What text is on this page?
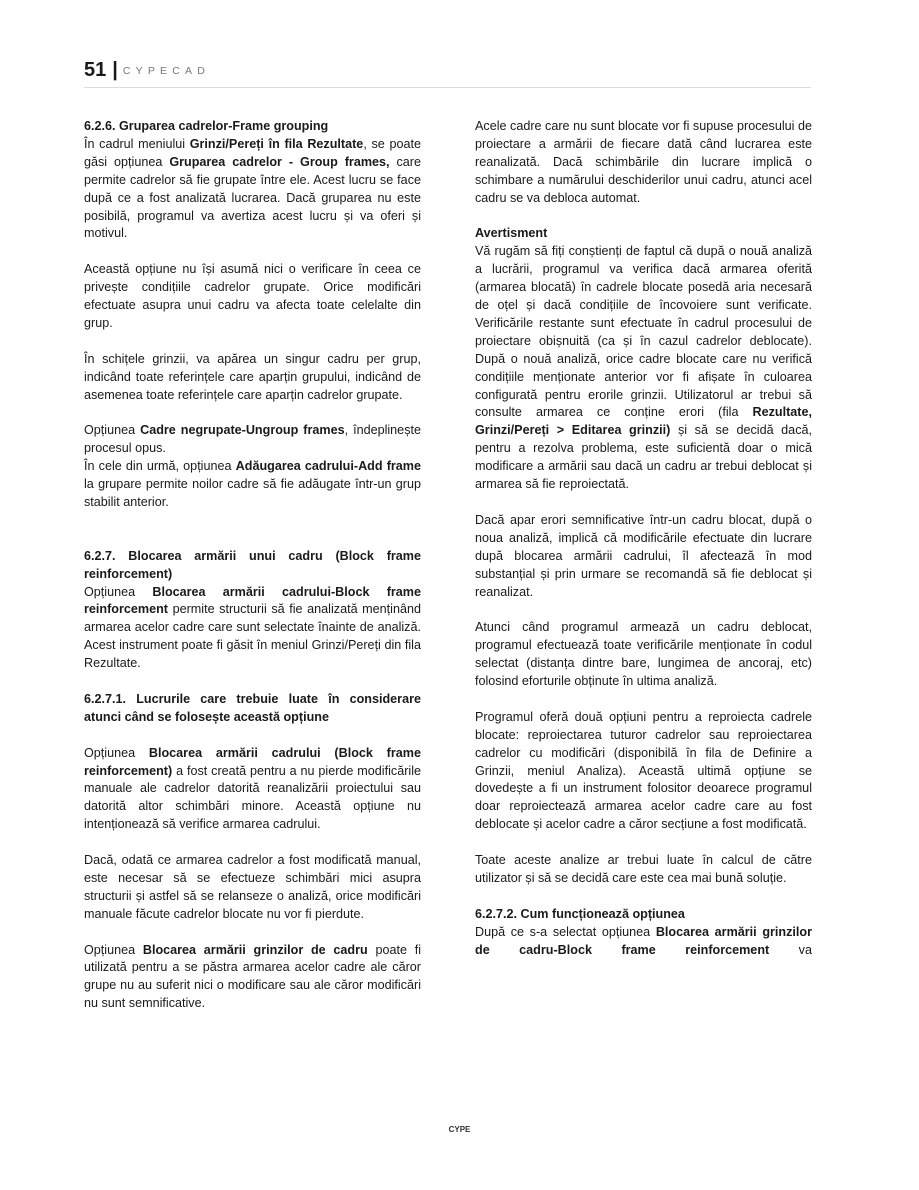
51 | CYPECAD

6.2.6. Gruparea cadrelor-Frame grouping

În cadrul meniului Grinzi/Pereți în fila Rezultate, se poate găsi opțiunea Gruparea cadrelor - Group frames, care permite cadrelor să fie grupate între ele. Acest lucru se face după ce a fost analizată lucrarea. Dacă gruparea nu este posibilă, programul va avertiza acest lucru și va oferi și motivul.

Această opțiune nu își asumă nici o verificare în ceea ce privește condițiile cadrelor grupate. Orice modificări efectuate asupra unui cadru va afecta toate celelalte din grup.

În schițele grinzii, va apărea un singur cadru per grup, indicând toate referințele care aparțin grupului, indicând de asemenea toate referințele care aparțin cadrelor grupate.

Opțiunea Cadre negrupate-Ungroup frames, îndeplinește procesul opus.

În cele din urmă, opțiunea Adăugarea cadrului-Add frame la grupare permite noilor cadre să fie adăugate într-un grup stabilit anterior.

6.2.7. Blocarea armării unui cadru (Block frame reinforcement)

Opțiunea Blocarea armării cadrului-Block frame reinforcement permite structurii să fie analizată menținând armarea acelor cadre care sunt selectate înainte de analiză. Acest instrument poate fi găsit în meniul Grinzi/Pereți din fila Rezultate.

6.2.7.1. Lucrurile care trebuie luate în considerare atunci când se folosește această opțiune

Opțiunea Blocarea armării cadrului (Block frame reinforcement) a fost creată pentru a nu pierde modificările manuale ale cadrelor datorită reanalizării proiectului sau datorită altor schimbări minore. Această opțiune nu intenționează să verifice armarea cadrului.

Dacă, odată ce armarea cadrelor a fost modificată manual, este necesar să se efectueze schimbări mici asupra structurii și astfel să se relanseze o analiză, orice modificări manuale făcute cadrelor blocate nu vor fi pierdute.

Opțiunea Blocarea armării grinzilor de cadru poate fi utilizată pentru a se păstra armarea acelor cadre ale căror grupe nu au suferit nici o modificare sau ale căror modificări nu sunt semnificative.

Acele cadre care nu sunt blocate vor fi supuse procesului de proiectare a armării de fiecare dată când lucrarea este reanalizată. Dacă schimbările din lucrare implică o schimbare a numărului deschiderilor unui cadru, atunci acel cadru se va debloca automat.

Avertisment

Vă rugăm să fiți conștienți de faptul că după o nouă analiză a lucrării, programul va verifica dacă armarea oferită (armarea blocată) în cadrele blocate posedă aria necesară de oțel și dacă condițiile de încovoiere sunt verificate. Verificările restante sunt efectuate în cadrul procesului de proiectare obișnuită (ca și în cazul cadrelor deblocate). După o nouă analiză, orice cadre blocate care nu verifică condițiile menționate anterior vor fi afișate în culoarea configurată pentru erorile grinzii. Utilizatorul ar trebui să consulte armarea ce conține erori (fila Rezultate, Grinzi/Pereți > Editarea grinzii) și să se decidă dacă, pentru a rezolva problema, este suficientă doar o mică modificare a armării sau dacă un cadru ar trebui deblocat și armarea să fie reproiectată.

Dacă apar erori semnificative într-un cadru blocat, după o noua analiză, implică că modificările efectuate din lucrare după blocarea armării cadrului, îl afectează în mod substanțial și prin urmare se recomandă să fie deblocat și reanalizat.

Atunci când programul armează un cadru deblocat, programul efectuează toate verificările menționate în codul selectat (distanța dintre bare, lungimea de ancoraj, etc) folosind eforturile obținute în ultima analiză.

Programul oferă două opțiuni pentru a reproiecta cadrele blocate: reproiectarea tuturor cadrelor sau reproiectarea cadrelor cu modificări (disponibilă în fila de Definire a Grinzii, meniul Analiza). Această ultimă opțiune se dovedește a fi un instrument folositor deoarece programul doar reproiectează armarea acelor cadre care au fost deblocate și acelor cadre a căror secțiune a fost modificată.

Toate aceste analize ar trebui luate în calcul de către utilizator și să se decidă care este cea mai bună soluție.

6.2.7.2. Cum funcționează opțiunea

După ce s-a selectat opțiunea Blocarea armării grinzilor de cadru-Block frame reinforcement va

CYPE
